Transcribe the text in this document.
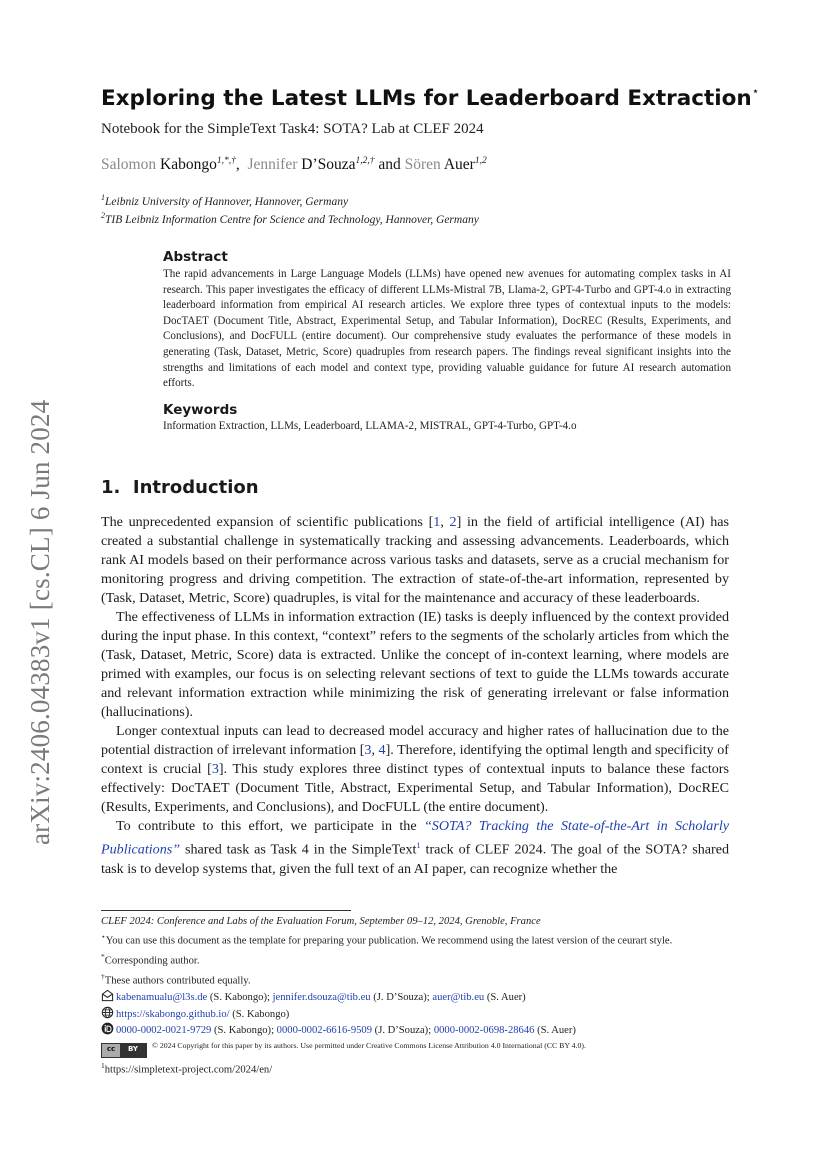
arXiv:2406.04383v1 [cs.CL] 6 Jun 2024
Exploring the Latest LLMs for Leaderboard Extraction⋆
Notebook for the SimpleText Task4: SOTA? Lab at CLEF 2024
Salomon Kabongo$^{1,*,\dagger}$, Jennifer D’Souza$^{1,2,\dagger}$ and Sören Auer$^{1,2}$
$^1$Leibniz University of Hannover, Hannover, Germany
$^2$TIB Leibniz Information Centre for Science and Technology, Hannover, Germany
Abstract

The rapid advancements in Large Language Models (LLMs) have opened new avenues for automating complex tasks in AI research. This paper investigates the efficacy of different LLMs-Mistral 7B, Llama-2, GPT-4-Turbo and GPT-4.o in extracting leaderboard information from empirical AI research articles. We explore three types of contextual inputs to the models: DocTAET (Document Title, Abstract, Experimental Setup, and Tabular Information), DocREC (Results, Experiments, and Conclusions), and DocFULL (entire document). Our comprehensive study evaluates the performance of these models in generating (Task, Dataset, Metric, Score) quadruples from research papers. The findings reveal significant insights into the strengths and limitations of each model and context type, providing valuable guidance for future AI research automation efforts.

Keywords

Information Extraction, LLMs, Leaderboard, LLAMA-2, MISTRAL, GPT-4-Turbo, GPT-4.o

1. Introduction

The unprecedented expansion of scientific publications [1, 2] in the field of artificial intelligence (AI) has created a substantial challenge in systematically tracking and assessing advancements. Leaderboards, which rank AI models based on their performance across various tasks and datasets, serve as a crucial mechanism for monitoring progress and driving competition. The extraction of state-of-the-art information, represented by (Task, Dataset, Metric, Score) quadruples, is vital for the maintenance and accuracy of these leaderboards.

The effectiveness of LLMs in information extraction (IE) tasks is deeply influenced by the context provided during the input phase. In this context, “context” refers to the segments of the scholarly articles from which the (Task, Dataset, Metric, Score) data is extracted. Unlike the concept of in-context learning, where models are primed with examples, our focus is on selecting relevant sections of text to guide the LLMs towards accurate and relevant information extraction while minimizing the risk of generating irrelevant or false information (hallucinations).

Longer contextual inputs can lead to decreased model accuracy and higher rates of hallucination due to the potential distraction of irrelevant information [3, 4]. Therefore, identifying the optimal length and specificity of context is crucial [3]. This study explores three distinct types of contextual inputs to balance these factors effectively: DocTAET (Document Title, Abstract, Experimental Setup, and Tabular Information), DocREC (Results, Experiments, and Conclusions), and DocFULL (the entire document).

To contribute to this effort, we participate in the “SOTA? Tracking the State-of-the-Art in Scholarly Publications” shared task as Task 4 in the SimpleText$^1$ track of CLEF 2024. The goal of the SOTA? shared task is to develop systems that, given the full text of an AI paper, can recognize whether the

CLEF 2024: Conference and Labs of the Evaluation Forum, September 09–12, 2024, Grenoble, France
⋆You can use this document as the template for preparing your publication. We recommend using the latest version of the ceurart style.
*Corresponding author.
†These authors contributed equally.
kabenamualu@l3s.de (S. Kabongo); jennifer.dsouza@tib.eu (J. D’Souza); auer@tib.eu (S. Auer)
https://skabongo.github.io/ (S. Kabongo)
0000-0002-0021-9729 (S. Kabongo); 0000-0002-6616-9509 (J. D’Souza); 0000-0002-0698-28646 (S. Auer)
cc	BY	© 2024 Copyright for this paper by its authors. Use permitted under Creative Commons License Attribution 4.0 International (CC BY 4.0).
$^1$https://simpletext-project.com/2024/en/
